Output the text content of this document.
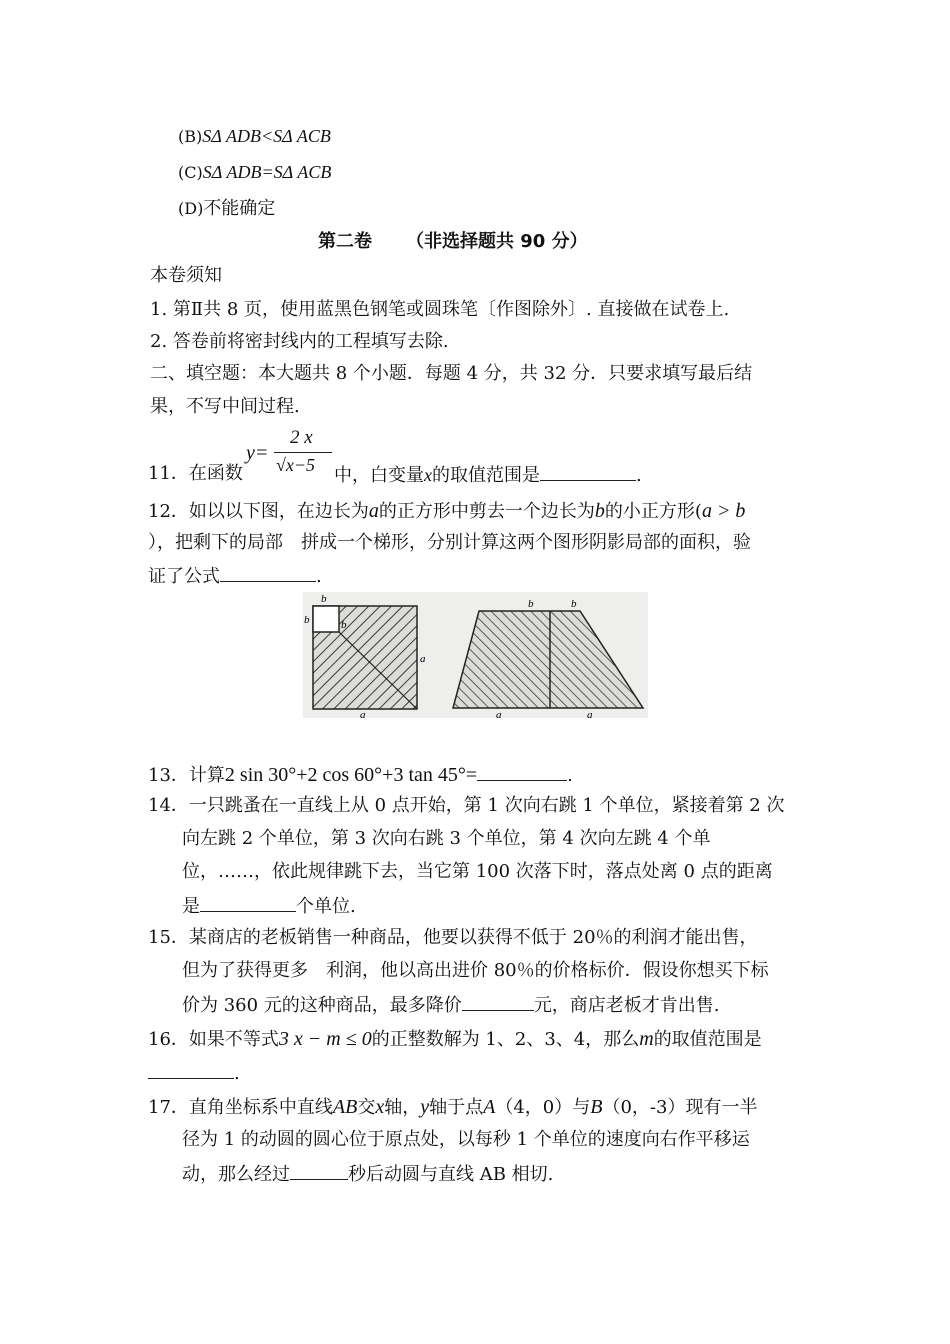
(B)SΔ ADB<SΔ ACB
(C)SΔ ADB=SΔ ACB
(D)不能确定
第二卷 （非选择题共 90 分）
本卷须知
1. 第Ⅱ共 8 页，使用蓝黑色钢笔或圆珠笔〔作图除外〕. 直接做在试卷上.
2. 答卷前将密封线内的工程填写去除.
二、填空题：本大题共 8 个小题．每题 4 分，共 32 分．只要求填写最后结
果，不写中间过程.
11．在函数
y=
2 x
√x−5 中，白变量x的取值范围是	.
12．如以以下图，在边长为a的正方形中剪去一个边长为b的小正方形(a > b
），把剩下的局部　拼成一个梯形，分别计算这两个图形阴影局部的面积，验
证了公式	.
b
b	b
a
a
b	b
a	a
13．计算2 sin 30°+2 cos 60°+3 tan 45°=	.
14．一只跳蚤在一直线上从 0 点开始，第 1 次向右跳 1 个单位，紧接着第 2 次
向左跳 2 个单位，第 3 次向右跳 3 个单位，第 4 次向左跳 4 个单
位，……，依此规律跳下去，当它第 100 次落下时，落点处离 0 点的距离
是	个单位.
15．某商店的老板销售一种商品，他要以获得不低于 20％的利润才能出售，
但为了获得更多　利润，他以高出进价 80％的价格标价．假设你想买下标
价为 360 元的这种商品，最多降价	元，商店老板才肯出售.
16．如果不等式3 x − m ≤ 0的正整数解为 1、2、3、4，那么m的取值范围是
.
17．直角坐标系中直线AB交x轴，y轴于点A（4，0）与B（0，-3）现有一半
径为 1 的动圆的圆心位于原点处，以每秒 1 个单位的速度向右作平移运
动，那么经过	秒后动圆与直线 AB 相切.
